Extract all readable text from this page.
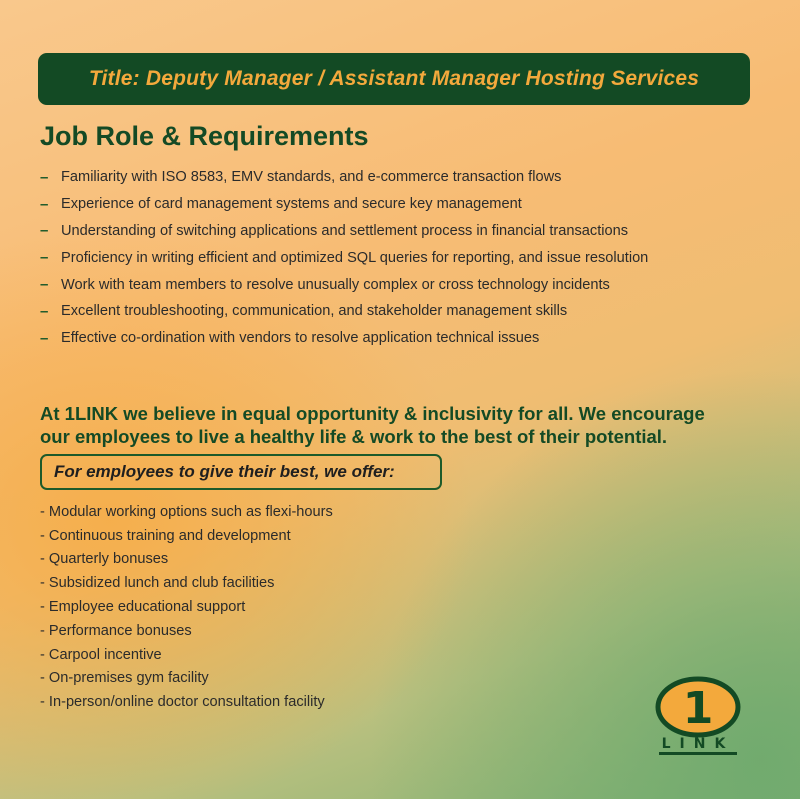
Title: Deputy Manager / Assistant Manager Hosting Services
Job Role & Requirements
– Familiarity with ISO 8583, EMV standards, and e-commerce transaction flows
– Experience of card management systems and secure key management
– Understanding of switching applications and settlement process in financial transactions
– Proficiency in writing efficient and optimized SQL queries for reporting, and issue resolution
– Work with team members to resolve unusually complex or cross technology incidents
– Excellent troubleshooting, communication, and stakeholder management skills
– Effective co-ordination with vendors to resolve application technical issues
At 1LINK we believe in equal opportunity & inclusivity for all. We encourage
our employees to live a healthy life & work to the best of their potential.
For employees to give their best, we offer:
- Modular working options such as flexi-hours
- Continuous training and development
- Quarterly bonuses
- Subsidized lunch and club facilities
- Employee educational support
- Performance bonuses
- Carpool incentive
- On-premises gym facility
- In-person/online doctor consultation facility	1
LINK
